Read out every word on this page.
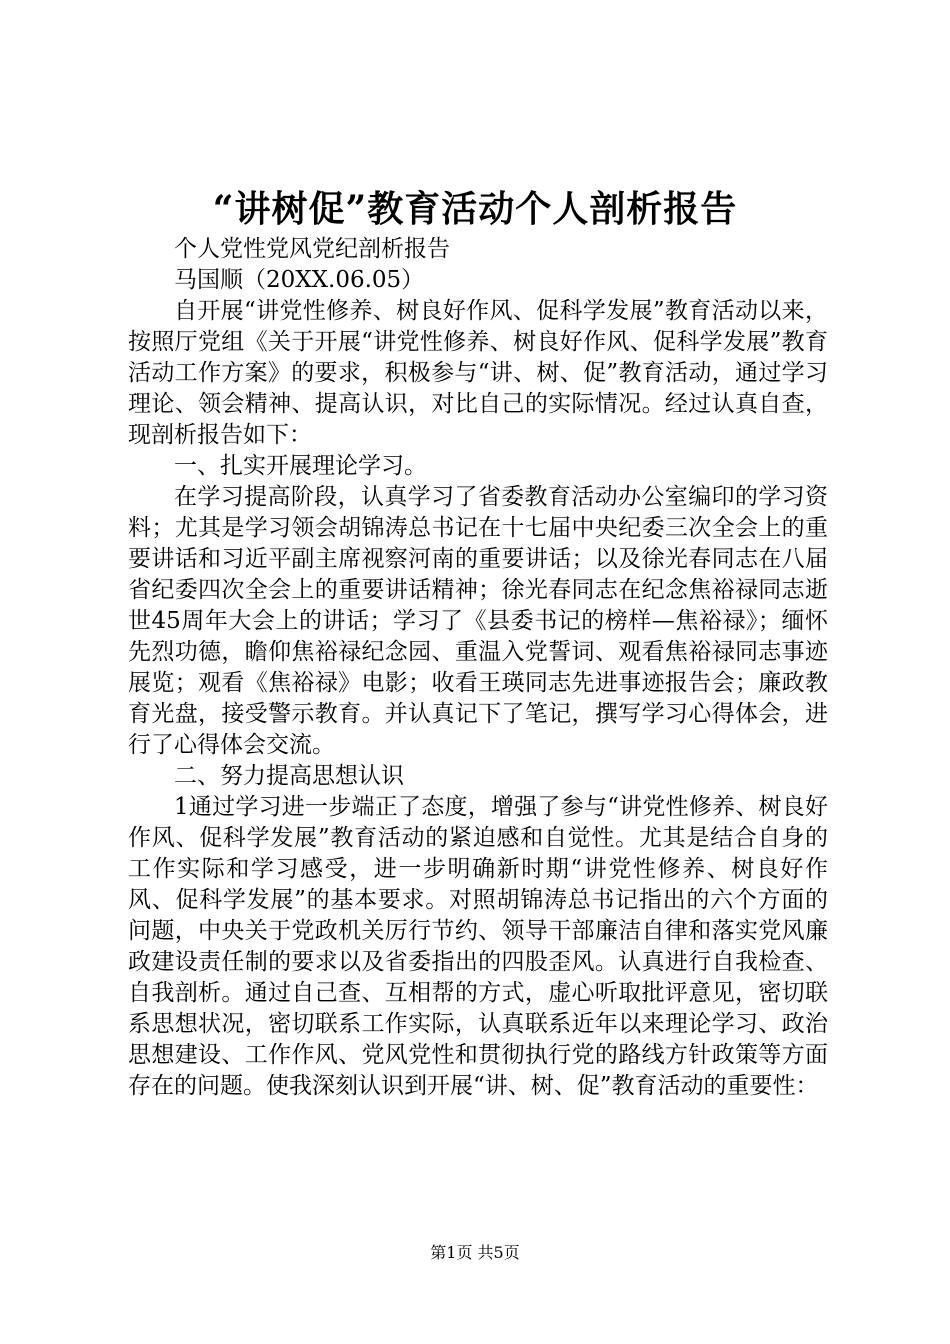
“讲树促”教育活动个人剖析报告

个人党性党风党纪剖析报告

马国顺（20XX.06.05）

自开展“讲党性修养、树良好作风、促科学发展”教育活动以来，按照厅党组《关于开展“讲党性修养、树良好作风、促科学发展”教育活动工作方案》的要求，积极参与“讲、树、促”教育活动，通过学习理论、领会精神、提高认识，对比自己的实际情况。经过认真自查，现剖析报告如下：

一、扎实开展理论学习。

在学习提高阶段，认真学习了省委教育活动办公室编印的学习资料；尤其是学习领会胡锦涛总书记在十七届中央纪委三次全会上的重要讲话和习近平副主席视察河南的重要讲话；以及徐光春同志在八届省纪委四次全会上的重要讲话精神；徐光春同志在纪念焦裕禄同志逝世45周年大会上的讲话；学习了《县委书记的榜样—焦裕禄》；缅怀先烈功德，瞻仰焦裕禄纪念园、重温入党誓词、观看焦裕禄同志事迹展览；观看《焦裕禄》电影；收看王瑛同志先进事迹报告会；廉政教育光盘，接受警示教育。并认真记下了笔记，撰写学习心得体会，进行了心得体会交流。

二、努力提高思想认识

1通过学习进一步端正了态度，增强了参与“讲党性修养、树良好作风、促科学发展”教育活动的紧迫感和自觉性。尤其是结合自身的工作实际和学习感受，进一步明确新时期“讲党性修养、树良好作风、促科学发展”的基本要求。对照胡锦涛总书记指出的六个方面的问题，中央关于党政机关厉行节约、领导干部廉洁自律和落实党风廉政建设责任制的要求以及省委指出的四股歪风。认真进行自我检查、自我剖析。通过自己查、互相帮的方式，虚心听取批评意见，密切联系思想状况，密切联系工作实际，认真联系近年以来理论学习、政治思想建设、工作作风、党风党性和贯彻执行党的路线方针政策等方面存在的问题。使我深刻认识到开展“讲、树、促”教育活动的重要性：

第1页 共5页
